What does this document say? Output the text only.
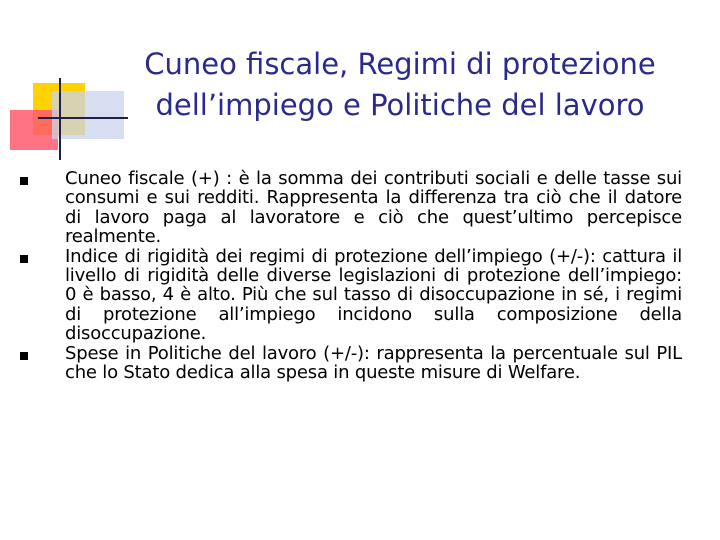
Cuneo fiscale, Regimi di protezione
dell’impiego e Politiche del lavoro
Cuneo fiscale (+) : è la somma dei contributi sociali e delle tasse sui consumi e sui redditi. Rappresenta la differenza tra ciò che il datore di lavoro paga al lavoratore e ciò che quest’ultimo percepisce realmente.
Indice di rigidità dei regimi di protezione dell’impiego (+/-): cattura il livello di rigidità delle diverse legislazioni di protezione dell’impiego: 0 è basso, 4 è alto. Più che sul tasso di disoccupazione in sé, i regimi di protezione all’impiego incidono sulla composizione della disoccupazione.
Spese in Politiche del lavoro (+/-): rappresenta la percentuale sul PIL che lo Stato dedica alla spesa in queste misure di Welfare.
